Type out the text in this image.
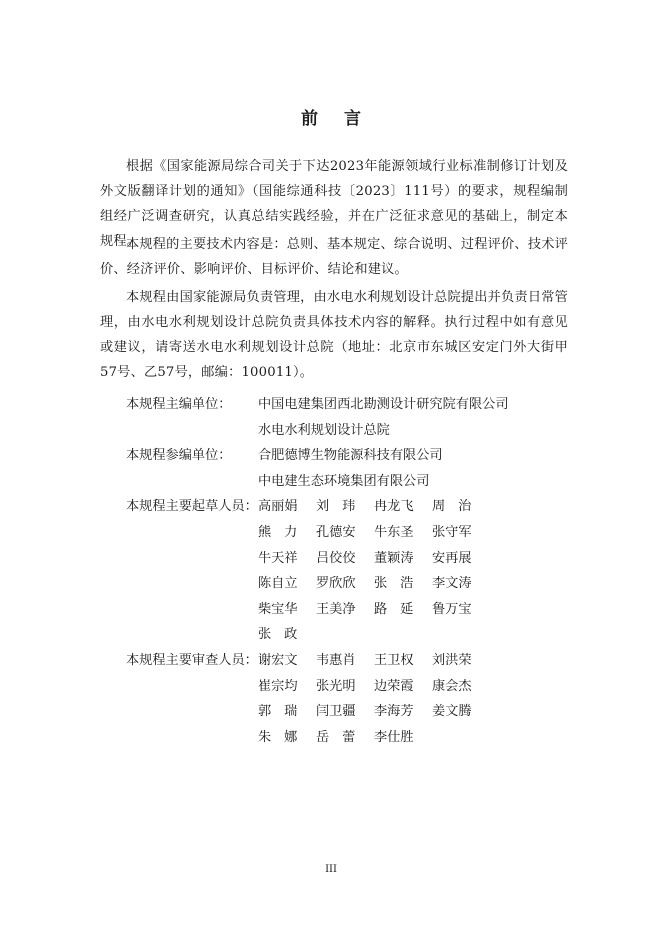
前言
根据《国家能源局综合司关于下达2023年能源领域行业标准制修订计划及外文版翻译计划的通知》（国能综通科技〔2023〕111号）的要求，规程编制组经广泛调查研究，认真总结实践经验，并在广泛征求意见的基础上，制定本规程。
本规程的主要技术内容是：总则、基本规定、综合说明、过程评价、技术评价、经济评价、影响评价、目标评价、结论和建议。
本规程由国家能源局负责管理，由水电水利规划设计总院提出并负责日常管理，由水电水利规划设计总院负责具体技术内容的解释。执行过程中如有意见或建议，请寄送水电水利规划设计总院（地址：北京市东城区安定门外大街甲57号、乙57号，邮编：100011）。
本规程主编单位：	中国电建集团西北勘测设计研究院有限公司
水电水利规划设计总院
本规程参编单位：	合肥德博生物能源科技有限公司
中电建生态环境集团有限公司
本规程主要起草人员： 高丽娟	刘玮 冉龙飞	周治
熊力 孔德安	牛东圣	张守军
牛天祥	吕佼佼	董颖涛	安再展
陈自立	罗欣欣	张浩 李文涛
柴宝华	王美净	路延 鲁万宝
张政
本规程主要审查人员： 谢宏文	韦惠肖	王卫权	刘洪荣
崔宗均	张光明	边荣霞	康会杰
郭瑞 闫卫疆	李海芳	姜文腾
朱娜 岳蕾 李仕胜
III
